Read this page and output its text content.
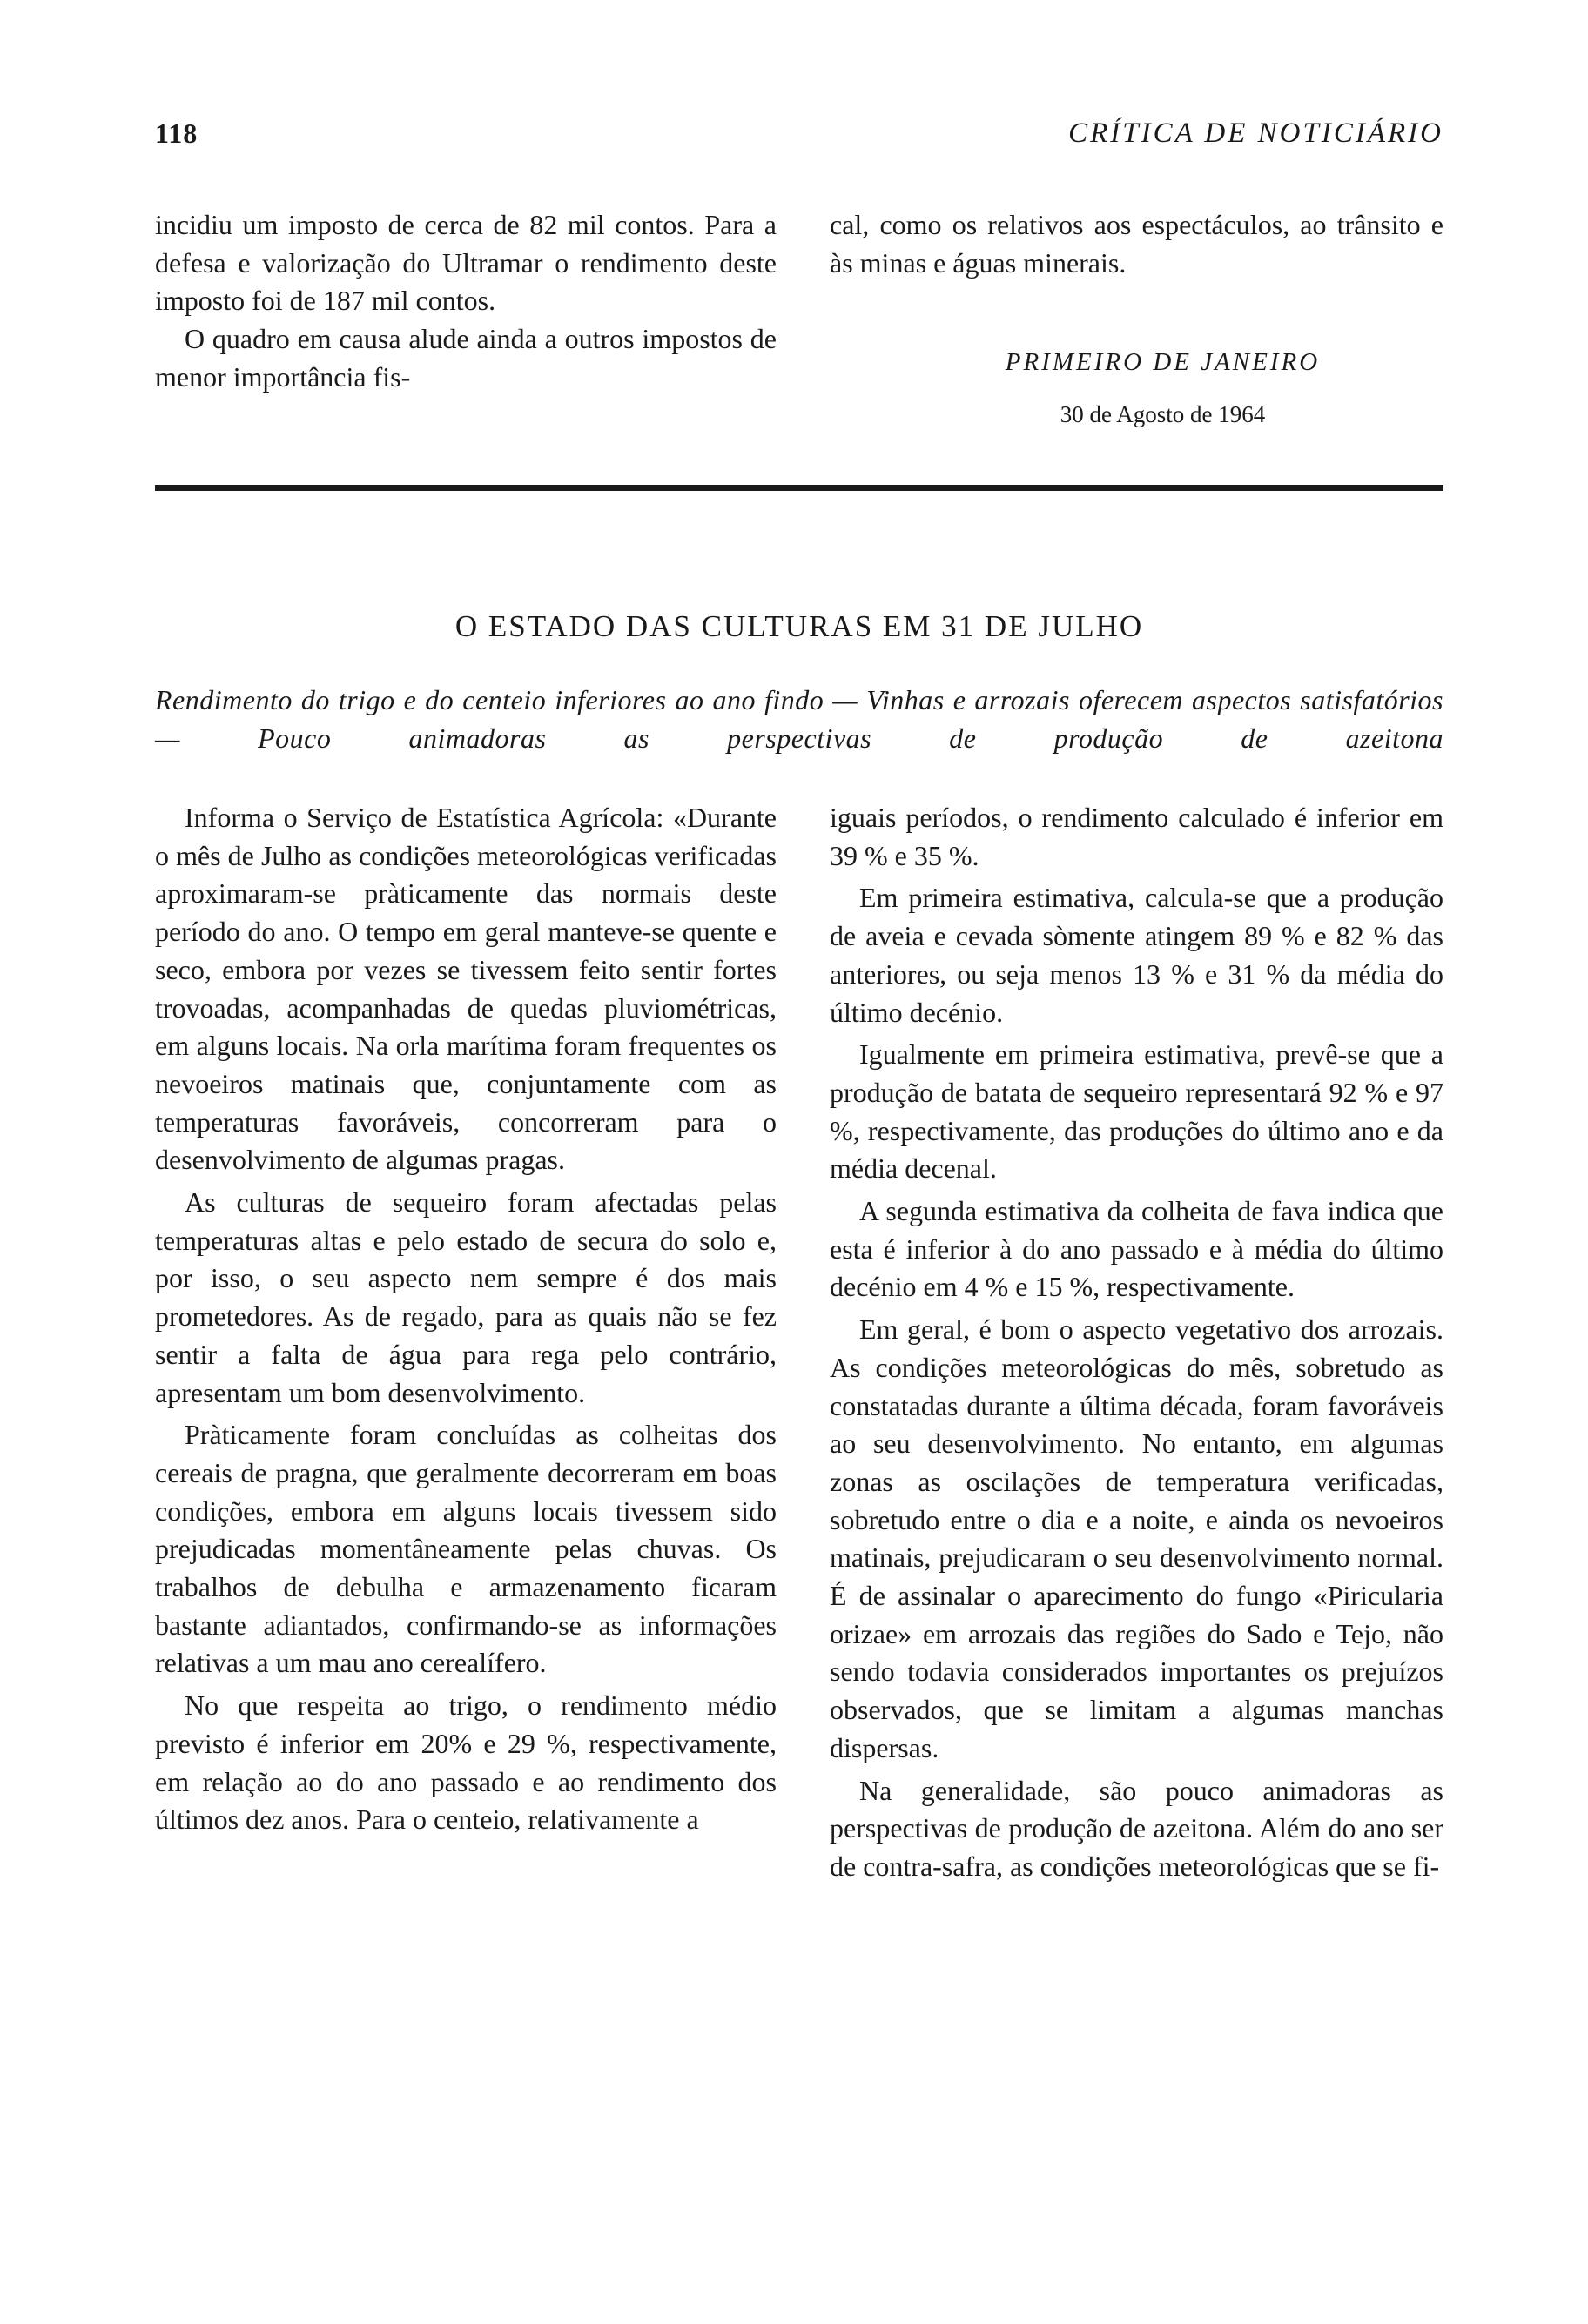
118	CRÍTICA DE NOTICIÁRIO

incidiu um imposto de cerca de 82 mil contos. Para a defesa e valorização do Ultramar o rendimento deste imposto foi de 187 mil contos.

O quadro em causa alude ainda a outros impostos de menor importância fis-

cal, como os relativos aos espectáculos, ao trânsito e às minas e águas minerais.

PRIMEIRO DE JANEIRO
30 de Agosto de 1964
O ESTADO DAS CULTURAS EM 31 DE JULHO
Rendimento do trigo e do centeio inferiores ao ano findo — Vinhas e arrozais oferecem aspectos satisfatórios — Pouco animadoras as perspectivas de produção de azeitona

Informa o Serviço de Estatística Agrícola: «Durante o mês de Julho as condições meteorológicas verificadas aproximaram-se pràticamente das normais deste período do ano. O tempo em geral manteve-se quente e seco, embora por vezes se tivessem feito sentir fortes trovoadas, acompanhadas de quedas pluviométricas, em alguns locais. Na orla marítima foram frequentes os nevoeiros matinais que, conjuntamente com as temperaturas favoráveis, concorreram para o desenvolvimento de algumas pragas.

As culturas de sequeiro foram afectadas pelas temperaturas altas e pelo estado de secura do solo e, por isso, o seu aspecto nem sempre é dos mais prometedores. As de regado, para as quais não se fez sentir a falta de água para rega pelo contrário, apresentam um bom desenvolvimento.

Pràticamente foram concluídas as colheitas dos cereais de pragna, que geralmente decorreram em boas condições, embora em alguns locais tivessem sido prejudicadas momentâneamente pelas chuvas. Os trabalhos de debulha e armazenamento ficaram bastante adiantados, confirmando-se as informações relativas a um mau ano cerealífero.

No que respeita ao trigo, o rendimento médio previsto é inferior em 20% e 29 %, respectivamente, em relação ao do ano passado e ao rendimento dos últimos dez anos. Para o centeio, relativamente a

iguais períodos, o rendimento calculado é inferior em 39 % e 35 %.

Em primeira estimativa, calcula-se que a produção de aveia e cevada sòmente atingem 89 % e 82 % das anteriores, ou seja menos 13 % e 31 % da média do último decénio.

Igualmente em primeira estimativa, prevê-se que a produção de batata de sequeiro representará 92 % e 97 %, respectivamente, das produções do último ano e da média decenal.

A segunda estimativa da colheita de fava indica que esta é inferior à do ano passado e à média do último decénio em 4 % e 15 %, respectivamente.

Em geral, é bom o aspecto vegetativo dos arrozais. As condições meteorológicas do mês, sobretudo as constatadas durante a última década, foram favoráveis ao seu desenvolvimento. No entanto, em algumas zonas as oscilações de temperatura verificadas, sobretudo entre o dia e a noite, e ainda os nevoeiros matinais, prejudicaram o seu desenvolvimento normal. É de assinalar o aparecimento do fungo «Piricularia orizae» em arrozais das regiões do Sado e Tejo, não sendo todavia considerados importantes os prejuízos observados, que se limitam a algumas manchas dispersas.

Na generalidade, são pouco animadoras as perspectivas de produção de azeitona. Além do ano ser de contra-safra, as condições meteorológicas que se fi-
